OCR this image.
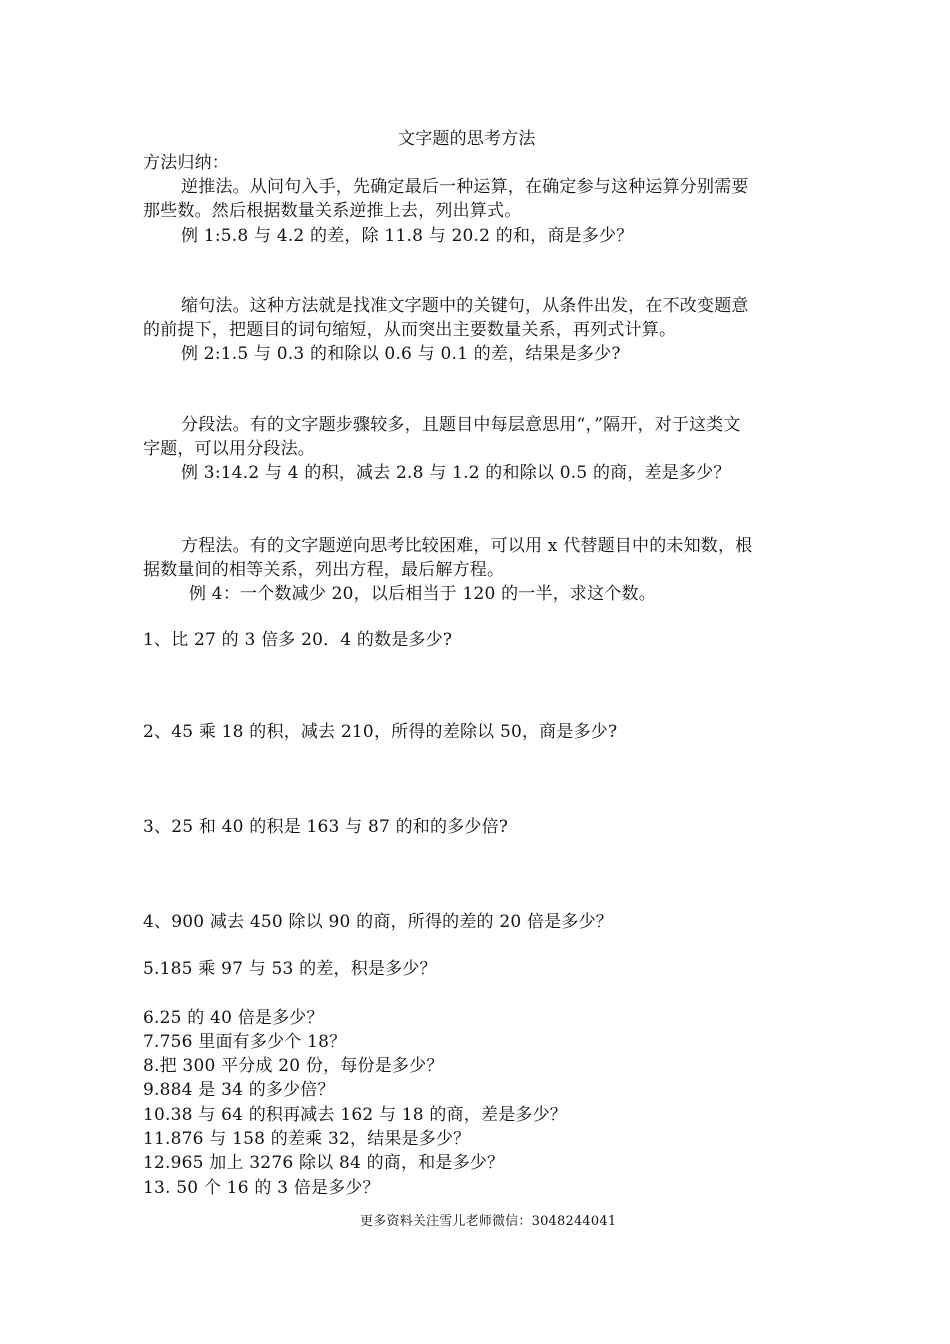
文字题的思考方法
方法归纳：
逆推法。从问句入手，先确定最后一种运算，在确定参与这种运算分别需要
那些数。然后根据数量关系逆推上去，列出算式。
例 1:5.8 与 4.2 的差，除 11.8 与 20.2 的和，商是多少？
缩句法。这种方法就是找准文字题中的关键句，从条件出发，在不改变题意
的前提下，把题目的词句缩短，从而突出主要数量关系，再列式计算。
例 2:1.5 与 0.3 的和除以 0.6 与 0.1 的差，结果是多少?
分段法。有的文字题步骤较多，且题目中每层意思用“，”隔开，对于这类文
字题，可以用分段法。
例 3:14.2 与 4 的积，减去 2.8 与 1.2 的和除以 0.5 的商，差是多少？
方程法。有的文字题逆向思考比较困难，可以用 x 代替题目中的未知数，根
据数量间的相等关系，列出方程，最后解方程。
例 4：一个数减少 20，以后相当于 120 的一半，求这个数。
1、比 27 的 3 倍多 20．4 的数是多少?
2、45 乘 18 的积，减去 210，所得的差除以 50，商是多少?
3、25 和 40 的积是 163 与 87 的和的多少倍?
4、900 减去 450 除以 90 的商，所得的差的 20 倍是多少？
5.185 乘 97 与 53 的差，积是多少？
6.25 的 40 倍是多少？
7.756 里面有多少个 18？
8.把 300 平分成 20 份，每份是多少？
9.884 是 34 的多少倍？
10.38 与 64 的积再减去 162 与 18 的商，差是多少？
11.876 与 158 的差乘 32，结果是多少？
12.965 加上 3276 除以 84 的商，和是多少？
13. 50 个 16 的 3 倍是多少？
更多资料关注雪儿老师微信：3048244041
